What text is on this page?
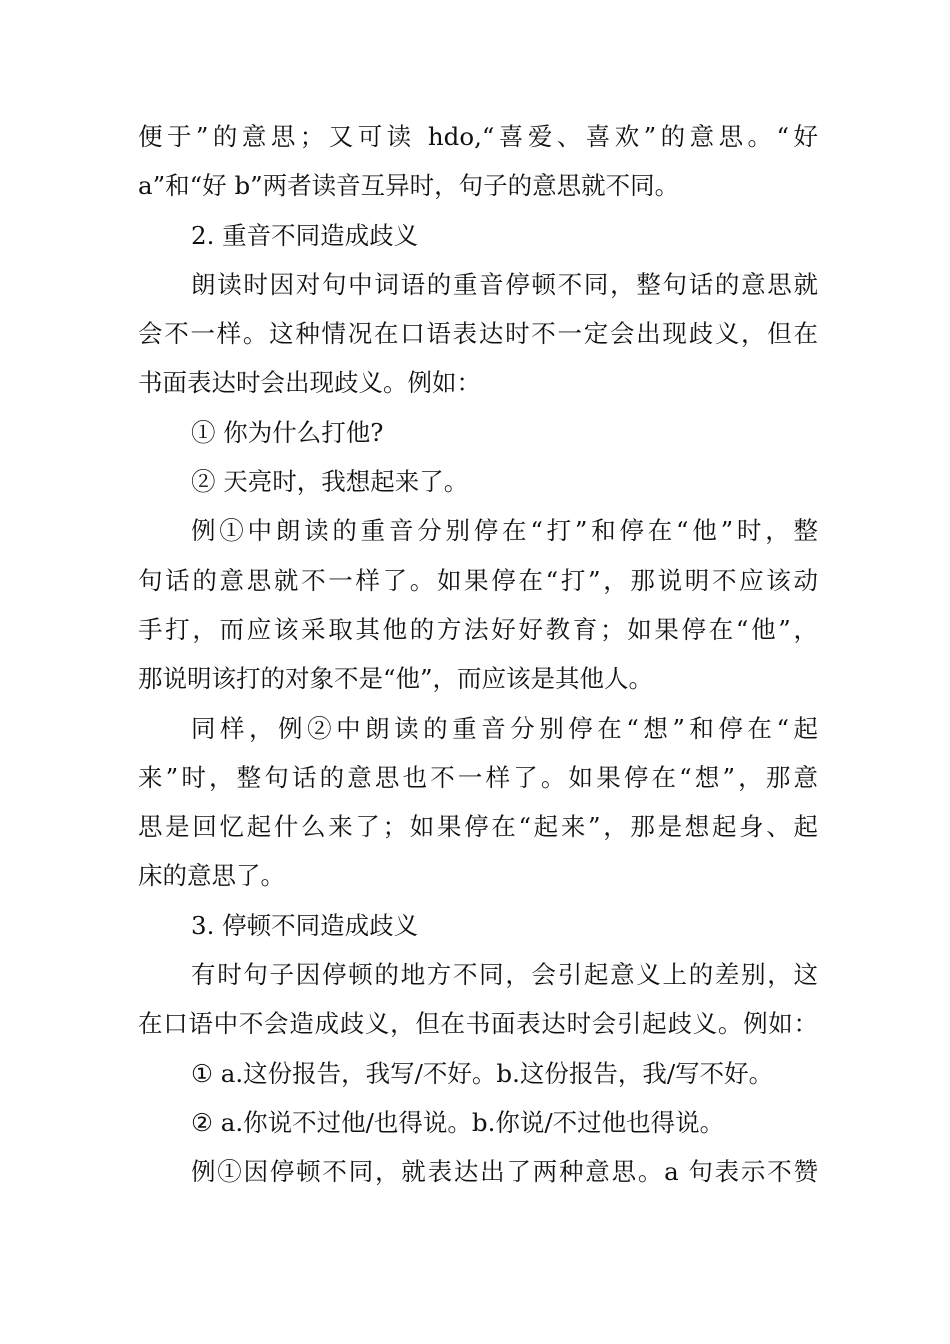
便于”的意思；又可读 hdo,“喜爱、喜欢”的意思。“好
a”和“好 b”两者读音互异时，句子的意思就不同。
2. 重音不同造成歧义
朗读时因对句中词语的重音停顿不同，整句话的意思就
会不一样。这种情况在口语表达时不一定会出现歧义，但在
书面表达时会出现歧义。例如：
① 你为什么打他?
② 天亮时，我想起来了。
例①中朗读的重音分别停在“打”和停在“他”时，整
句话的意思就不一样了。如果停在“打”，那说明不应该动
手打，而应该采取其他的方法好好教育；如果停在“他”，
那说明该打的对象不是“他”，而应该是其他人。
同样，例②中朗读的重音分别停在“想”和停在“起
来”时，整句话的意思也不一样了。如果停在“想”，那意
思是回忆起什么来了；如果停在“起来”，那是想起身、起
床的意思了。
3. 停顿不同造成歧义
有时句子因停顿的地方不同，会引起意义上的差别，这
在口语中不会造成歧义，但在书面表达时会引起歧义。例如：
① a.这份报告，我写/不好。b.这份报告，我/写不好。
② a.你说不过他/也得说。b.你说/不过他也得说。
例①因停顿不同，就表达出了两种意思。a 句表示不赞
